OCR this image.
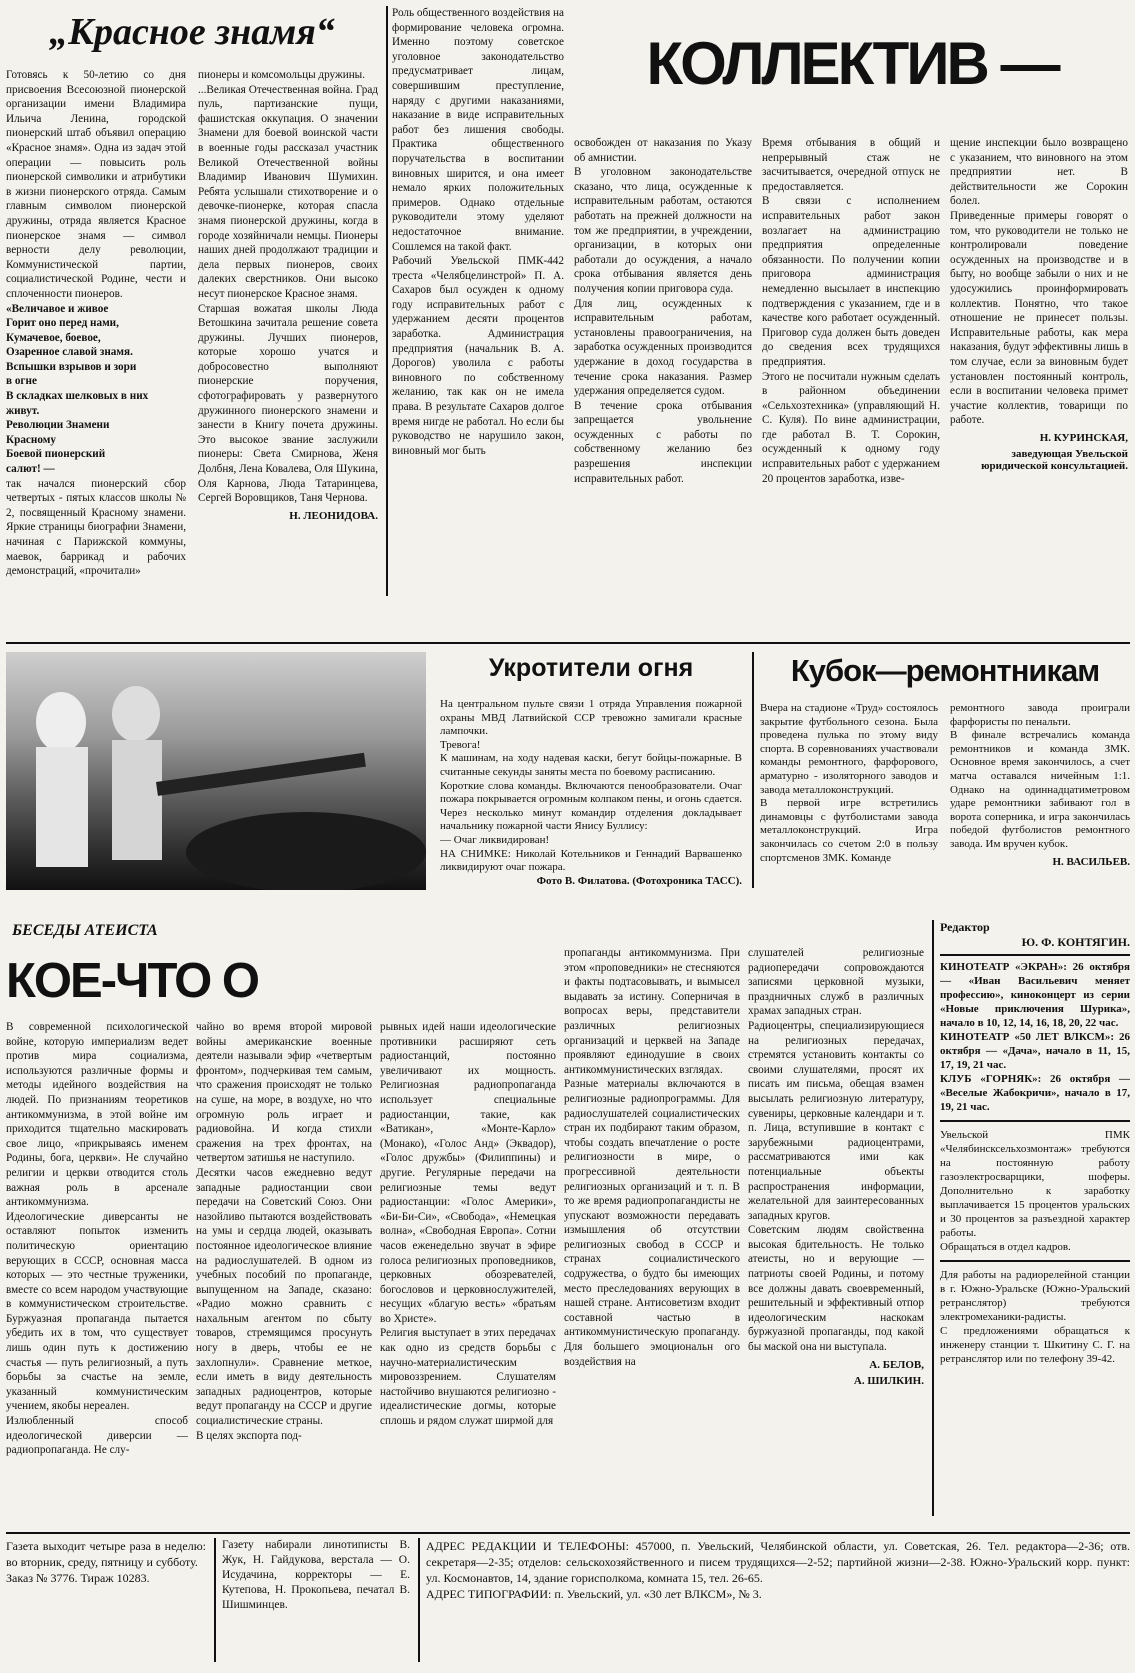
„Красное знамя“

Готовясь к 50-летию со дня присвоения Всесоюзной пионерской организации имени Владимира Ильича Ленина, городской пионерский штаб объявил операцию «Красное знамя». Одна из задач этой операции — повысить роль пионерской символики и атрибутики в жизни пионерского отряда. Самым главным символом пионерской дружины, отряда является Красное пионерское знамя — символ верности делу революции, Коммунистической партии, социалистической Родине, чести и сплоченности пионеров.

«Величавое и живое
Горит оно перед нами,
Кумачевое, боевое,
Озаренное славой знамя.
Вспышки взрывов и зори
в огне
В складках шелковых в них
живут.
Революции Знамени
Красному
Боевой пионерский
салют! —

так начался пионерский сбор четвертых - пятых классов школы № 2, посвященный Красному знамени. Яркие страницы биографии Знамени, начиная с Парижской коммуны, маевок, баррикад и рабочих демонстраций, «прочитали»

пионеры и комсомольцы дружины.
...Великая Отечественная война. Град пуль, партизанские пущи, фашистская оккупация. О значении Знамени для боевой воинской части в военные годы рассказал участник Великой Отечественной войны Владимир Иванович Шумихин. Ребята услышали стихотворение и о девочке-пионерке, которая спасла знамя пионерской дружины, когда в городе хозяйничали немцы. Пионеры наших дней продолжают традиции и дела первых пионеров, своих далеких сверстников. Они высоко несут пионерское Красное знамя.
Старшая вожатая школы Люда Ветошкина зачитала решение совета дружины. Лучших пионеров, которые хорошо учатся и добросовестно выполняют пионерские поручения, сфотографировать у развернутого дружинного пионерского знамени и занести в Книгу почета дружины. Это высокое звание заслужили пионеры: Света Смирнова, Женя Долбня, Лена Ковалева, Оля Шукина, Оля Карнова, Люда Татаринцева, Сергей Воровщиков, Таня Чернова.

Н. ЛЕОНИДОВА.

Роль общественного воздействия на формирование человека огромна. Именно поэтому советское уголовное законодательство предусматривает лицам, совершившим преступление, наряду с другими наказаниями, наказание в виде исправительных работ без лишения свободы. Практика общественного поручательства в воспитании виновных ширится, и она имеет немало ярких положительных примеров. Однако отдельные руководители этому уделяют недостаточное внимание. Сошлемся на такой факт.
Рабочий Увельской ПМК-442 треста «Челябцелинстрой» П. А. Сахаров был осужден к одному году исправительных работ с удержанием десяти процентов заработка. Администрация предприятия (начальник В. А. Дорогов) уволила с работы виновного по собственному желанию, так как он не имела права. В результате Сахаров долгое время нигде не работал. Но если бы руководство не нарушило закон, виновный мог быть

КОЛЛЕКТИВ —

освобожден от наказания по Указу об амнистии.
В уголовном законодательстве сказано, что лица, осужденные к исправительным работам, остаются работать на прежней должности на том же предприятии, в учреждении, организации, в которых они работали до осуждения, а начало срока отбывания является день получения копии приговора суда.
Для лиц, осужденных к исправительным работам, установлены правоограничения, на заработка осужденных производится удержание в доход государства в течение срока наказания. Размер удержания определяется судом.
В течение срока отбывания запрещается увольнение осужденных с работы по собственному желанию без разрешения инспекции исправительных работ.

Время отбывания в общий и непрерывный стаж не засчитывается, очередной отпуск не предоставляется.
В связи с исполнением исправительных работ закон возлагает на администрацию предприятия определенные обязанности. По получении копии приговора администрация немедленно высылает в инспекцию подтверждения с указанием, где и в качестве кого работает осужденный. Приговор суда должен быть доведен до сведения всех трудящихся предприятия.
Этого не посчитали нужным сделать в районном объединении «Сельхозтехника» (управляющий Н. С. Куля). По вине администрации, где работал В. Т. Сорокин, осужденный к одному году исправительных работ с удержанием 20 процентов заработка, изве-

щение инспекции было возвращено с указанием, что виновного на этом предприятии нет. В действительности же Сорокин болел.
Приведенные примеры говорят о том, что руководители не только не контролировали поведение осужденных на производстве и в быту, но вообще забыли о них и не удосужились проинформировать коллектив. Понятно, что такое отношение не принесет пользы. Исправительные работы, как мера наказания, будут эффективны лишь в том случае, если за виновным будет установлен постоянный контроль, если в воспитании человека примет участие коллектив, товарищи по работе.

Н. КУРИНСКАЯ,
заведующая Увельской юридической консультацией.
Укротители огня

На центральном пульте связи 1 отряда Управления пожарной охраны МВД Латвийской ССР тревожно замигали красные лампочки.
Тревога!
К машинам, на ходу надевая каски, бегут бойцы-пожарные. В считанные секунды заняты места по боевому расписанию.
Короткие слова команды. Включаются пенообразователи. Очаг пожара покрывается огромным колпаком пены, и огонь сдается. Через несколько минут командир отделения докладывает начальнику пожарной части Янису Буллису:
— Очаг ликвидирован!
НА СНИМКЕ: Николай Котельников и Геннадий Варвашенко ликвидируют очаг пожара.

Фото В. Филатова. (Фотохроника ТАСС).
Кубок—ремонтникам

Вчера на стадионе «Труд» состоялось закрытие футбольного сезона. Была проведена пулька по этому виду спорта. В соревнованиях участвовали команды ремонтного, фарфорового, арматурно - изоляторного заводов и завода металлоконструкций.
В первой игре встретились динамовцы с футболистами завода металлоконструкций. Игра закончилась со счетом 2:0 в пользу спортсменов ЗМК. Команде

ремонтного завода проиграли фарфористы по пенальти.
В финале встречались команда ремонтников и команда ЗМК. Основное время закончилось, а счет матча оставался ничейным 1:1. Однако на одиннадцатиметровом ударе ремонтники забивают гол в ворота соперника, и игра закончилась победой футболистов ремонтного завода. Им вручен кубок.

Н. ВАСИЛЬЕВ.
БЕСЕДЫ АТЕИСТА
КОЕ-ЧТО О

В современной психологической войне, которую империализм ведет против мира социализма, используются различные формы и методы идейного воздействия на людей. По признаниям теоретиков антикоммунизма, в этой войне им приходится тщательно маскировать свое лицо, «прикрываясь именем Родины, бога, церкви». Не случайно религии и церкви отводится столь важная роль в арсенале антикоммунизма.
Идеологические диверсанты не оставляют попыток изменить политическую ориентацию верующих в СССР, основная масса которых — это честные труженики, вместе со всем народом участвующие в коммунистическом строительстве. Буржуазная пропаганда пытается убедить их в том, что существует лишь один путь к достижению счастья — путь религиозный, а путь борьбы за счастье на земле, указанный коммунистическим учением, якобы нереален.
Излюбленный способ идеологической диверсии — радиопропаганда. Не слу-

чайно во время второй мировой войны американские военные деятели называли эфир «четвертым фронтом», подчеркивая тем самым, что сражения происходят не только на суше, на море, в воздухе, но что огромную роль играет и радиовойна. И когда стихли сражения на трех фронтах, на четвертом затишья не наступило.
Десятки часов ежедневно ведут западные радиостанции свои передачи на Советский Союз. Они назойливо пытаются воздействовать на умы и сердца людей, оказывать постоянное идеологическое влияние на радиослушателей. В одном из учебных пособий по пропаганде, выпущенном на Западе, сказано: «Радио можно сравнить с нахальным агентом по сбыту товаров, стремящимся просунуть ногу в дверь, чтобы ее не захлопнули». Сравнение меткое, если иметь в виду деятельность западных радиоцентров, которые ведут пропаганду на СССР и другие социалистические страны.
В целях экспорта под-

рывных идей наши идеологические противники расширяют сеть радиостанций, постоянно увеличивают их мощность. Религиозная радиопропаганда использует специальные радиостанции, такие, как «Ватикан», «Монте-Карло» (Монако), «Голос Анд» (Эквадор), «Голос дружбы» (Филиппины) и другие. Регулярные передачи на религиозные темы ведут радиостанции: «Голос Америки», «Би-Би-Си», «Свобода», «Немецкая волна», «Свободная Европа». Сотни часов еженедельно звучат в эфире голоса религиозных проповедников, церковных обозревателей, богословов и церковнослужителей, несущих «благую весть» «братьям во Христе».
Религия выступает в этих передачах как одно из средств борьбы с научно-материалистическим мировоззрением. Слушателям настойчиво внушаются религиозно - идеалистические догмы, которые сплошь и рядом служат ширмой для

пропаганды антикоммунизма. При этом «проповедники» не стесняются и факты подтасовывать, и вымысел выдавать за истину. Соперничая в вопросах веры, представители различных религиозных организаций и церквей на Западе проявляют единодушие в своих антикоммунистических взглядах.
Разные материалы включаются в религиозные радиопрограммы. Для радиослушателей социалистических стран их подбирают таким образом, чтобы создать впечатление о росте религиозности в мире, о прогрессивной деятельности религиозных организаций и т. п. В то же время радиопропагандисты не упускают возможности передавать измышления об отсутствии религиозных свобод в СССР и странах социалистического содружества, о будто бы имеющих место преследованиях верующих в нашей стране. Антисоветизм входит составной частью в антикоммунистическую пропаганду. Для большего эмоциональн ого воздействия на

слушателей религиозные радиопередачи сопровождаются записями церковной музыки, праздничных служб в различных храмах западных стран.
Радиоцентры, специализирующиеся на религиозных передачах, стремятся установить контакты со своими слушателями, просят их писать им письма, обещая взамен высылать религиозную литературу, сувениры, церковные календари и т. п. Лица, вступившие в контакт с зарубежными радиоцентрами, рассматриваются ими как потенциальные объекты распространения информации, желательной для заинтересованных западных кругов.
Советским людям свойственна высокая бдительность. Не только атеисты, но и верующие — патриоты своей Родины, и потому все должны давать своевременный, решительный и эффективный отпор идеологическим наскокам буржуазной пропаганды, под какой бы маской она ни выступала.

А. БЕЛОВ,
А. ШИЛКИН.
Редактор
Ю. Ф. КОНТЯГИН.

КИНОТЕАТР «ЭКРАН»: 26 октября — «Иван Васильевич меняет профессию», киноконцерт из серии «Новые приключения Шурика», начало в 10, 12, 14, 16, 18, 20, 22 час.
КИНОТЕАТР «50 ЛЕТ ВЛКСМ»: 26 октября — «Дача», начало в 11, 15, 17, 19, 21 час.
КЛУБ «ГОРНЯК»: 26 октября — «Веселые Жабокричи», начало в 17, 19, 21 час.

Увельской ПМК «Челябинсксельхозмонтаж» требуются на постоянную работу газоэлектросварщики, шоферы. Дополнительно к заработку выплачивается 15 процентов уральских и 30 процентов за разъездной характер работы.
Обращаться в отдел кадров.

Для работы на радиорелейной станции в г. Южно-Уральске (Южно-Уральский ретранслятор) требуются электромеханики-радисты.
С предложениями обращаться к инженеру станции т. Шкитину С. Г. на ретранслятор или по телефону 39-42.

Газета выходит четыре раза в неделю: во вторник, среду, пятницу и субботу.

Заказ № 3776. Тираж 10283.

Газету набирали линотиписты В. Жук, Н. Гайдукова, верстала — О. Исудачина, корректоры — Е. Кутепова, Н. Прокопьева, печатал В. Шишминцев.

АДРЕС РЕДАКЦИИ И ТЕЛЕФОНЫ: 457000, п. Увельский, Челябинской области, ул. Советская, 26. Тел. редактора—2-36; отв. секретаря—2-35; отделов: сельскохозяйственного и писем трудящихся—2-52; партийной жизни—2-38. Южно-Уральский корр. пункт: ул. Космонавтов, 14, здание горисполкома, комната 15, тел. 26-65.

АДРЕС ТИПОГРАФИИ: п. Увельский, ул. «30 лет ВЛКСМ», № 3.
